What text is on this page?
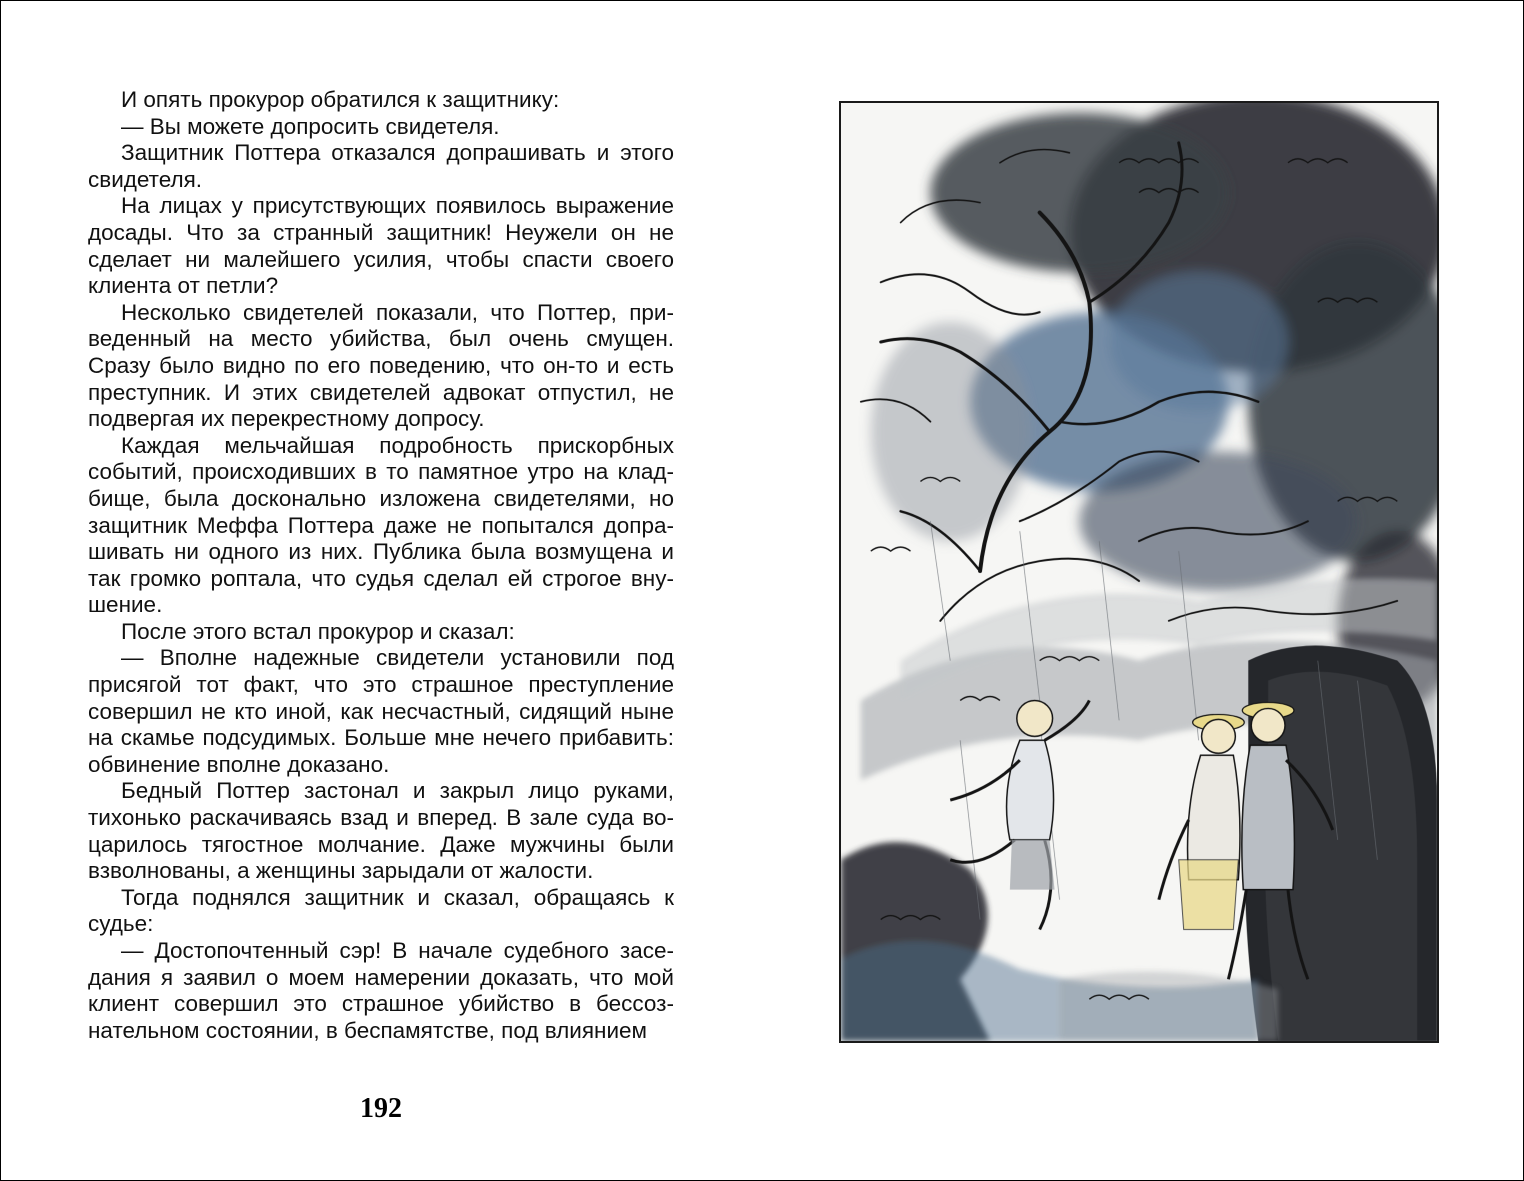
И опять прокурор обратился к защитнику:

— Вы можете допросить свидетеля.

Защитник Поттера отказался допрашивать и этого свидетеля.

На лицах у присутствующих появилось выражение досады. Что за странный защитник! Неужели он не сделает ни малейшего усилия, чтобы спасти своего клиента от петли?

Несколько свидетелей показали, что Поттер, приведенный на место убийства, был очень смущен. Сразу было видно по его поведению, что он-то и есть преступник. И этих свидетелей адвокат отпустил, не подвергая их перекрестному допросу.

Каждая мельчайшая подробность прискорбных событий, происходивших в то памятное утро на кладбище, была досконально изложена свидетелями, но защитник Меффа Поттера даже не попытался допрашивать ни одного из них. Публика была возмущена и так громко роптала, что судья сделал ей строгое внушение.

После этого встал прокурор и сказал:

— Вполне надежные свидетели установили под присягой тот факт, что это страшное преступление совершил не кто иной, как несчастный, сидящий ныне на скамье подсудимых. Больше мне нечего прибавить: обвинение вполне доказано.

Бедный Поттер застонал и закрыл лицо руками, тихонько раскачиваясь взад и вперед. В зале суда воцарилось тягостное молчание. Даже мужчины были взволнованы, а женщины зарыдали от жалости.

Тогда поднялся защитник и сказал, обращаясь к судье:

— Достопочтенный сэр! В начале судебного заседания я заявил о моем намерении доказать, что мой клиент совершил это страшное убийство в бессознательном состоянии, в беспамятстве, под влиянием

192
